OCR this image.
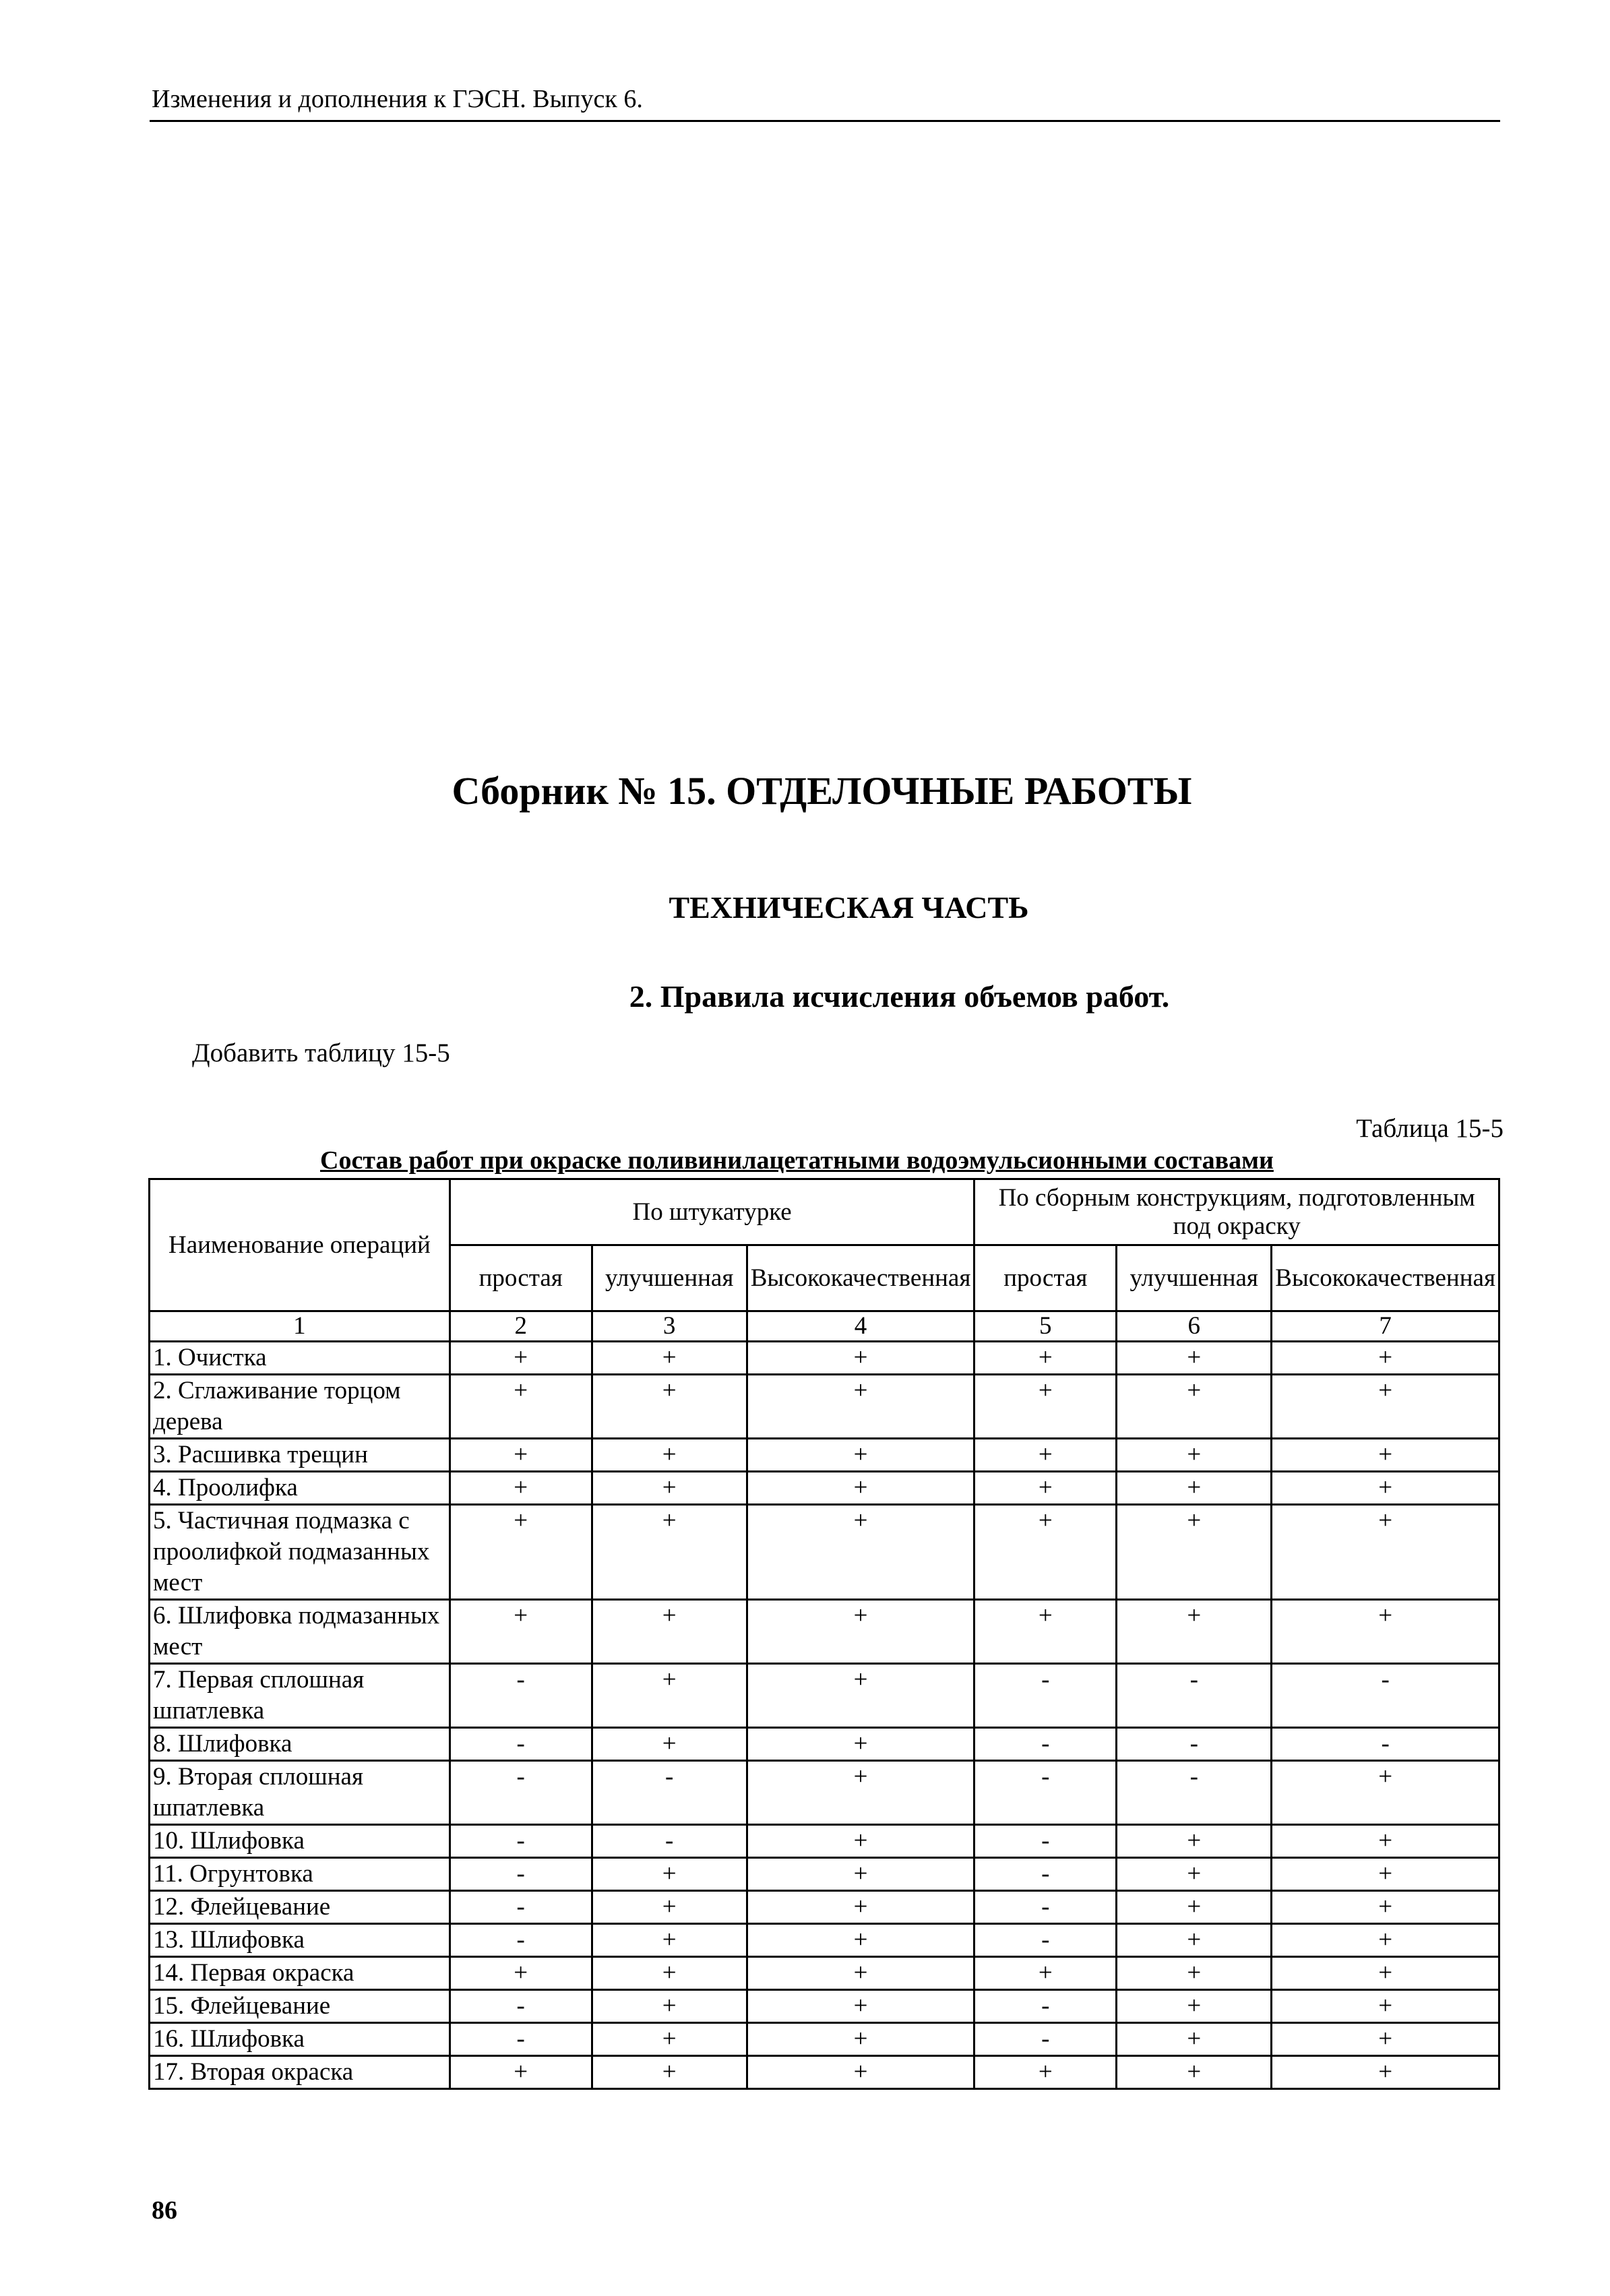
Изменения и дополнения к ГЭСН. Выпуск 6.
Сборник № 15. ОТДЕЛОЧНЫЕ РАБОТЫ
ТЕХНИЧЕСКАЯ ЧАСТЬ
2. Правила исчисления объемов работ.
Добавить таблицу 15-5
Таблица 15-5
Состав работ при окраске поливинилацетатными водоэмульсионными составами
Наименование операций	По штукатурке			По сборным конструкциям, подготовленным под окраску		
	простая	улучшенная	Высококачественная	простая	улучшенная	Высококачественная
1	2	3	4	5	6	7
1. Очистка	+	+	+	+	+	+
2. Сглаживание торцом дерева	+	+	+	+	+	+
3. Расшивка трещин	+	+	+	+	+	+
4. Проолифка	+	+	+	+	+	+
5. Частичная подмазка с проолифкой подмазанных мест	+	+	+	+	+	+
6. Шлифовка подмазанных мест	+	+	+	+	+	+
7. Первая сплошная шпатлевка	-	+	+	-	-	-
8. Шлифовка	-	+	+	-	-	-
9. Вторая сплошная шпатлевка	-	-	+	-	-	+
10. Шлифовка	-	-	+	-	+	+
11. Огрунтовка	-	+	+	-	+	+
12. Флейцевание	-	+	+	-	+	+
13. Шлифовка	-	+	+	-	+	+
14. Первая окраска	+	+	+	+	+	+
15. Флейцевание	-	+	+	-	+	+
16. Шлифовка	-	+	+	-	+	+
17. Вторая окраска	+	+	+	+	+	+
86
